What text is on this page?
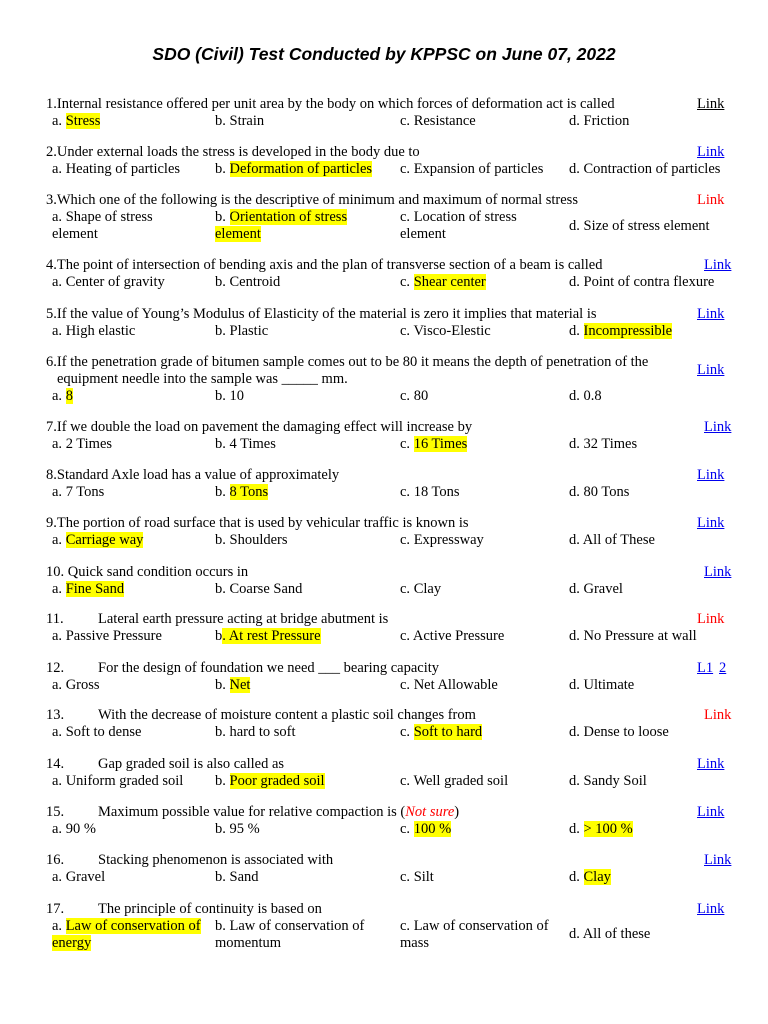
SDO (Civil) Test Conducted by KPPSC on June 07, 2022
1.Internal resistance offered per unit area by the body on which forces of deformation act is called	Link
a. Stress	b. Strain	c. Resistance	d. Friction
2.Under external loads the stress is developed in the body due to	Link
a. Heating of particles b. Deformation of particles c. Expansion of particles d. Contraction of particles
3.Which one of the following is the descriptive of minimum and maximum of normal stress	Link
a. Shape of stress element
b. Orientation of stress element
c. Location of stress element	d. Size of stress element
4.The point of intersection of bending axis and the plan of transverse section of a beam is called	Link
a. Center of gravity	b. Centroid	c. Shear center	d. Point of contra flexure
5.If the value of Young’s Modulus of Elasticity of the material is zero it implies that material is	Link
a. High elastic	b. Plastic	c. Visco-Elestic	d. Incompressible
6.If the penetration grade of bitumen sample comes out to be 80 it means the depth of penetration of the
equipment needle into the sample was _____ mm.
Link
a. 8	b. 10	c. 80	d. 0.8
7.If we double the load on pavement the damaging effect will increase by	Link
a. 2 Times	b. 4 Times	c. 16 Times	d. 32 Times
8.Standard Axle load has a value of approximately	Link
a. 7 Tons	b. 8 Tons	c. 18 Tons	d. 80 Tons
9.The portion of road surface that is used by vehicular traffic is known is	Link
a. Carriage way	b. Shoulders	c. Expressway	d. All of These
10. Quick sand condition occurs in	Link
a. Fine Sand	b. Coarse Sand	c. Clay	d. Gravel
11. Lateral earth pressure acting at bridge abutment is	Link
a. Passive Pressure	b. At rest Pressure	c. Active Pressure	d. No Pressure at wall
12. For the design of foundation we need ___ bearing capacity	L1 2
a. Gross	b. Net	c. Net Allowable	d. Ultimate
13. With the decrease of moisture content a plastic soil changes from	Link
a. Soft to dense	b. hard to soft	c. Soft to hard	d. Dense to loose
14. Gap graded soil is also called as	Link
a. Uniform graded soil b. Poor graded soil	c. Well graded soil	d. Sandy Soil
15. Maximum possible value for relative compaction is (Not sure)	Link
a. 90 %	b. 95 %	c. 100 %	d. > 100 %
16. Stacking phenomenon is associated with	Link
a. Gravel	b. Sand	c. Silt	d. Clay
17. The principle of continuity is based on	Link
a. Law of conservation of energy
b. Law of conservation of momentum
c. Law of conservation of mass
d. All of these
